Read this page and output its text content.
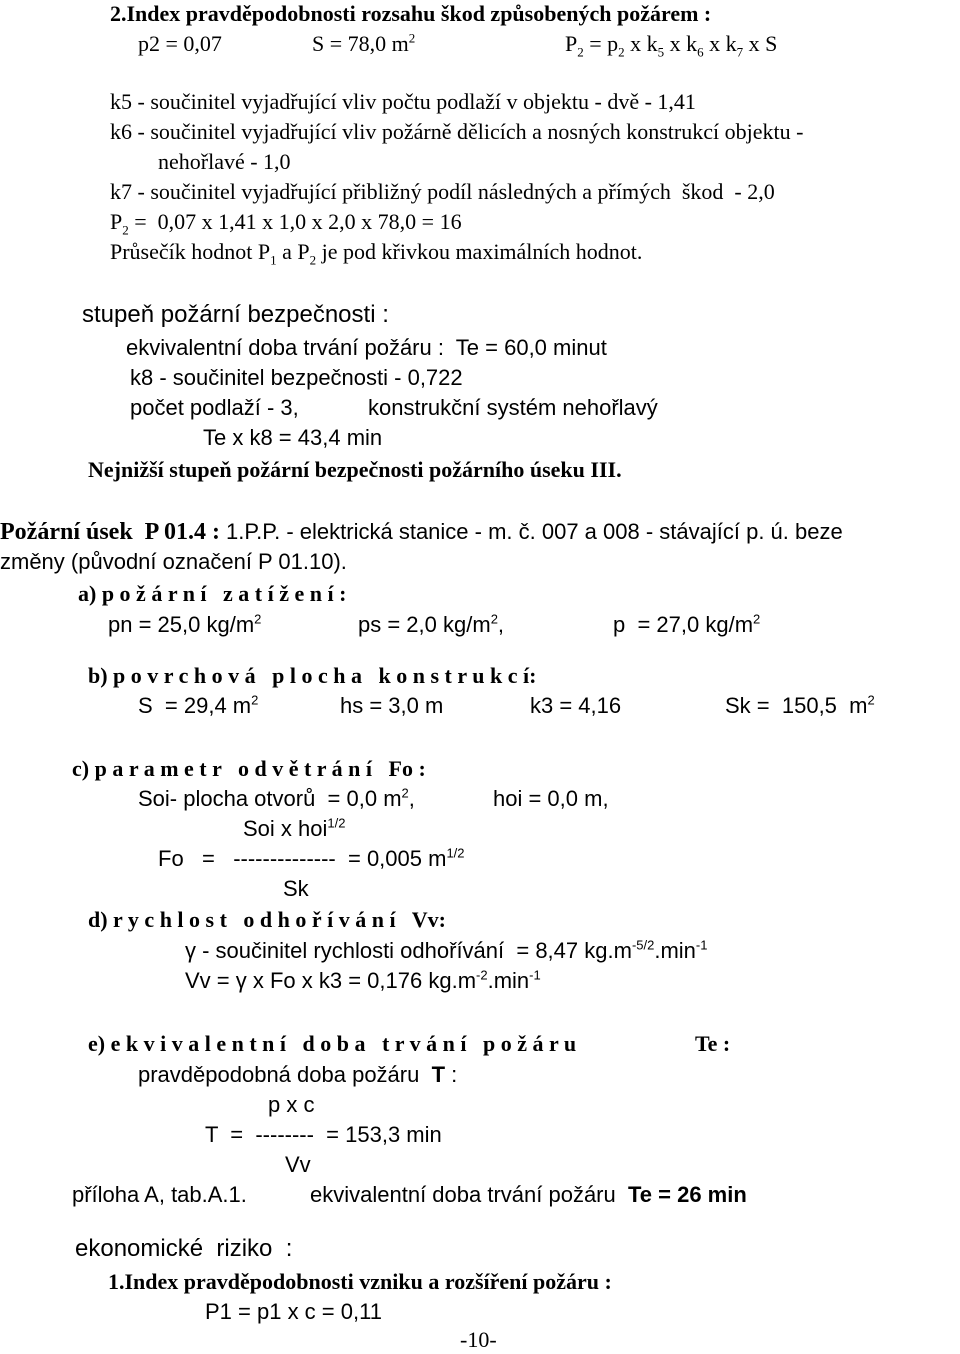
2.Index pravděpodobnosti rozsahu škod způsobených požárem :
p2 = 0,07	S = 78,0 $m^2$	$P_2 = p_2$ x $k_5$ x $k_6$ x $k_7$ x S
k5 - součinitel vyjadřující vliv počtu podlaží v objektu - dvě - 1,41
k6 - součinitel vyjadřující vliv požárně dělicích a nosných konstrukcí objektu -
nehořlavé - 1,0
k7 - součinitel vyjadřující přibližný podíl následných a přímých  škod  - 2,0
$P_2 = 0,07$ x 1,41 x 1,0 x 2,0 x 78,0 = 16
Průsečík hodnot $P_1$ a $P_2$ je pod křivkou maximálních hodnot.
stupeň požární bezpečnosti :
ekvivalentní doba trvání požáru :  Te = 60,0 minut
k8 - součinitel bezpečnosti - 0,722
počet podlaží - 3,	konstrukční systém nehořlavý
Te x k8 = 43,4 min
Nejnižší stupeň požární bezpečnosti požárního úseku III.
Požární úsek  P 01.4 : 1.P.P. - elektrická stanice - m. č. 007 a 008 - stávající p. ú. beze
změny (původní označení P 01.10).
a) p o ž á r n í   z a t í ž e n í :
pn = 25,0 $kg/m^2$	ps = 2,0 $kg/m^2$,	p  = 27,0 $kg/m^2$
b) p o v r c h o v á   p l o c h a   k o n s t r u k c í:
S  = 29,4 $m^2$	hs = 3,0 m	k3 = 4,16	Sk =  150,5  $m^2$
c) p a r a m e t r   o d v ě t r á n í   Fo :
Soi- plocha otvorů  = 0,0 $m^2$,	hoi = 0,0 m,
Soi x hoi$^{1/2}$
Fo   =   --------------  = 0,005 $m^{1/2}$
Sk
d) r y c h l o s t   o d h o ř í v á n í   Vv:
γ - součinitel rychlosti odhořívání  = 8,47 $kg.m^{-5/2}.\min^{-1}$
Vv = γ x Fo x k3 = 0,176 $kg.m^{-2}.\min^{-1}$
e) e k v i v a l e n t n í   d o b a   t r v á n í   p o ž á r u	Te :
pravděpodobná doba požáru  T :
p x c
T  =  --------  = 153,3 min
Vv
příloha A, tab.A.1.	ekvivalentní doba trvání požáru  Te = 26 min
ekonomické  riziko  :
1.Index pravděpodobnosti vzniku a rozšíření požáru :
P1 = p1 x c = 0,11
-10-
